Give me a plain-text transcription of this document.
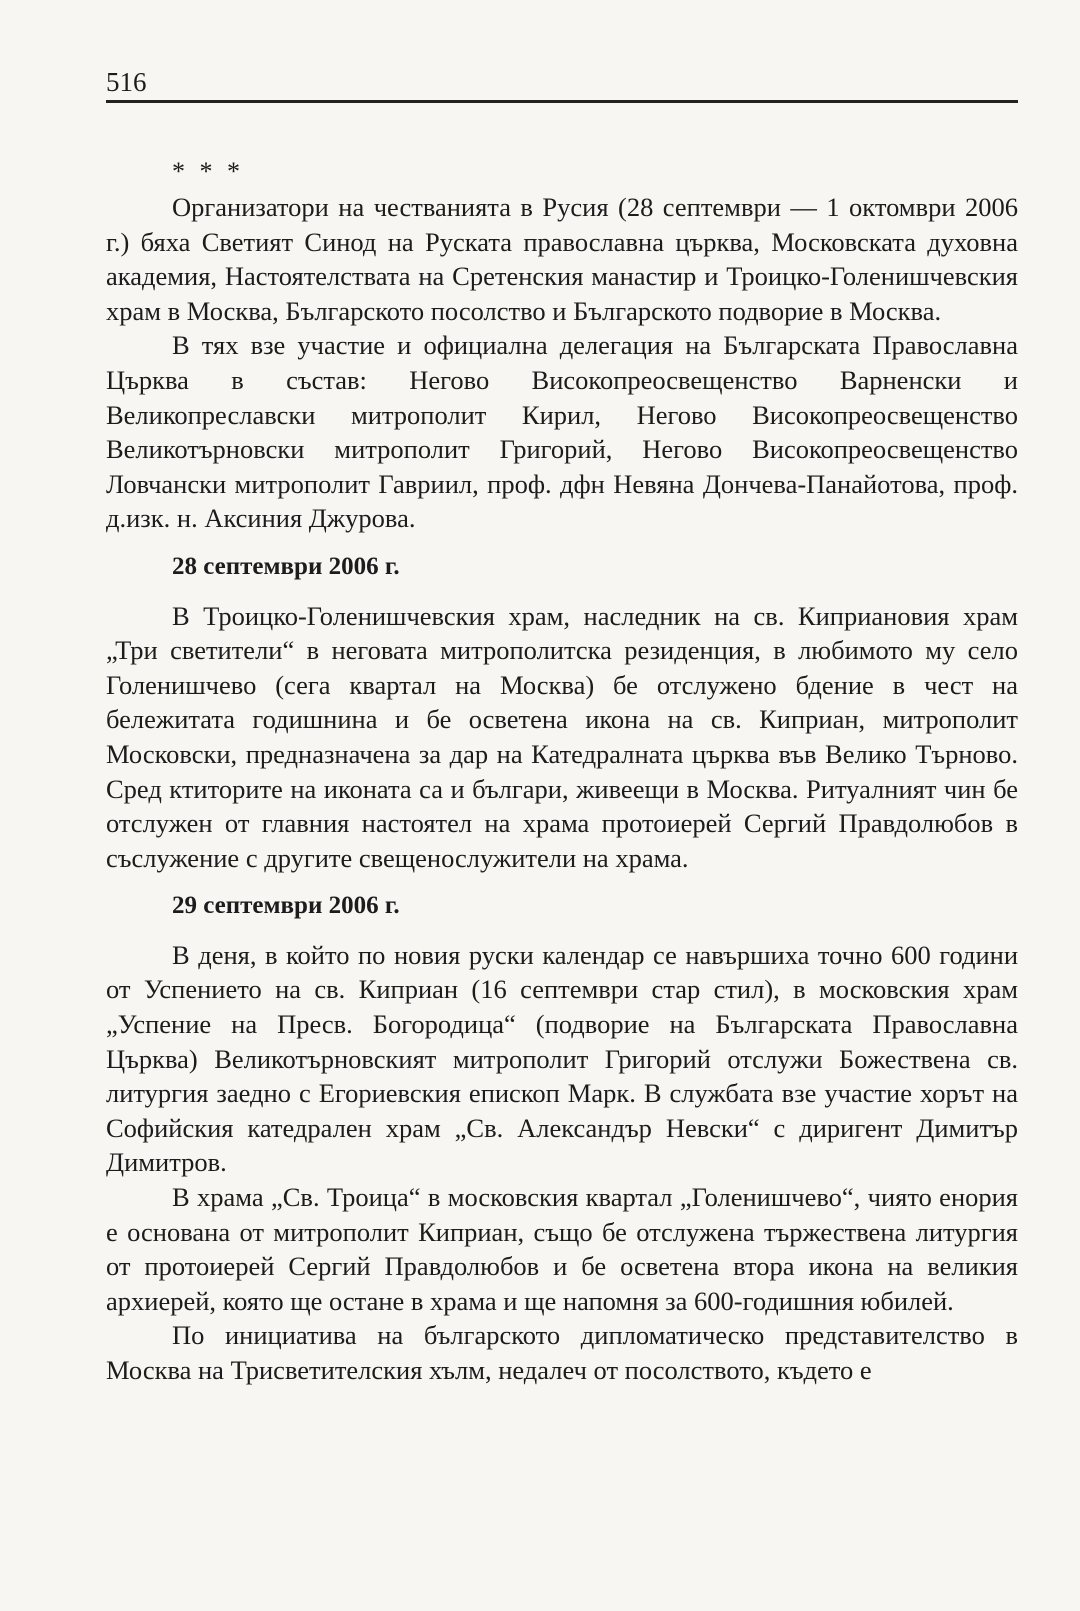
516
* * *

Организатори на честванията в Русия (28 септември — 1 октомври 2006 г.) бяха Светият Синод на Руската православна църква, Московската духовна академия, Настоятелствата на Сретенския манастир и Троицко-Голенишчевския храм в Москва, Българското посолство и Българското подворие в Москва.

В тях взе участие и официална делегация на Българската Православна Църква в състав: Негово Високопреосвещенство Варненски и Великопреславски митрополит Кирил, Негово Високопреосвещенство Великотърновски митрополит Григорий, Негово Високопреосвещенство Ловчански митрополит Гавриил, проф. дфн Невяна Дончева-Панайотова, проф. д.изк. н. Аксиния Джурова.

28 септември 2006 г.

В Троицко-Голенишчевския храм, наследник на св. Киприановия храм „Три светители“ в неговата митрополитска резиденция, в любимото му село Голенишчево (сега квартал на Москва) бе отслужено бдение в чест на бележитата годишнина и бе осветена икона на св. Киприан, митрополит Московски, предназначена за дар на Катедралната църква във Велико Търново. Сред ктиторите на иконата са и българи, живеещи в Москва. Ритуалният чин бе отслужен от главния настоятел на храма протоиерей Сергий Правдолюбов в съслужение с другите свещенослужители на храма.

29 септември 2006 г.

В деня, в който по новия руски календар се навършиха точно 600 години от Успението на св. Киприан (16 септември стар стил), в московския храм „Успение на Пресв. Богородица“ (подворие на Българската Православна Църква) Великотърновският митрополит Григорий отслужи Божествена св. литургия заедно с Егориевския епископ Марк. В службата взе участие хорът на Софийския катедрален храм „Св. Александър Невски“ с диригент Димитър Димитров.

В храма „Св. Троица“ в московския квартал „Голенишчево“, чиято енория е основана от митрополит Киприан, също бе отслужена тържествена литургия от протоиерей Сергий Правдолюбов и бе осветена втора икона на великия архиерей, която ще остане в храма и ще напомня за 600-годишния юбилей.

По инициатива на българското дипломатическо представителство в Москва на Трисветителския хълм, недалеч от посолството, където е
